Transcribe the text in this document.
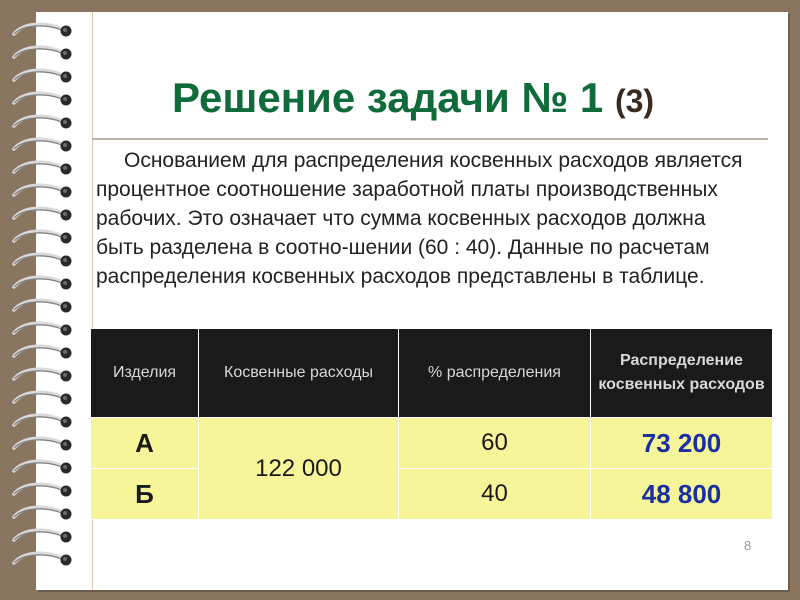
Решение задачи № 1 (3)
Основанием для распределения косвенных расходов является процентное соотношение заработной платы производственных рабочих. Это означает что сумма косвенных расходов должна быть разделена в соотно-шении (60 : 40). Данные по расчетам распределения косвенных расходов представлены в таблице.
Изделия	Косвенные расходы	% распределения	Распределение косвенных расходов
А	122 000	60	73 200
Б		40	48 800
8
